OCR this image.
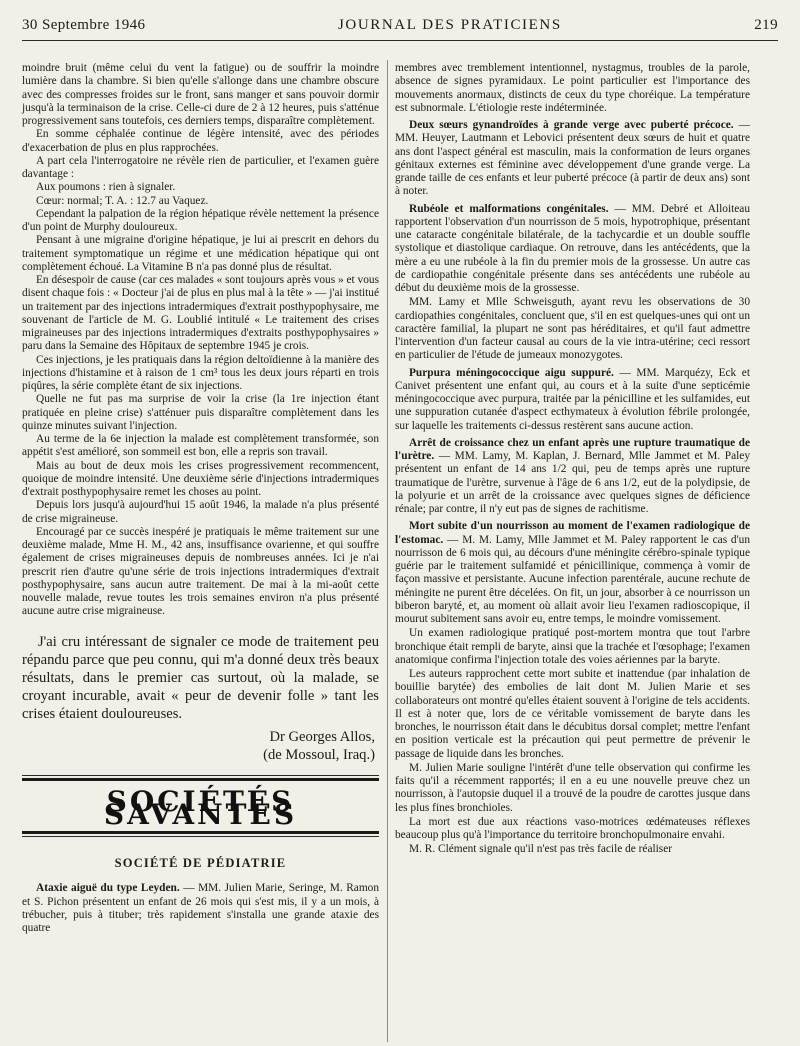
30 Septembre 1946	JOURNAL DES PRATICIENS	219

moindre bruit (même celui du vent la fatigue) ou de souffrir la moindre lumière dans la chambre. Si bien qu'elle s'allonge dans une chambre obscure avec des compresses froides sur le front, sans manger et sans pouvoir dormir jusqu'à la terminaison de la crise. Celle-ci dure de 2 à 12 heures, puis s'atténue progressivement sans toutefois, ces derniers temps, disparaître complètement.

En somme céphalée continue de légère intensité, avec des périodes d'exacerbation de plus en plus rapprochées.

A part cela l'interrogatoire ne révèle rien de particulier, et l'examen guère davantage :

Aux poumons : rien à signaler.

Cœur: normal; T. A. : 12.7 au Vaquez.

Cependant la palpation de la région hépatique révèle nettement la présence d'un point de Murphy douloureux.

Pensant à une migraine d'origine hépatique, je lui ai prescrit en dehors du traitement symptomatique un régime et une médication hépatique qui ont complètement échoué. La Vitamine B n'a pas donné plus de résultat.

En désespoir de cause (car ces malades « sont toujours après vous » et vous disent chaque fois : « Docteur j'ai de plus en plus mal à la tête » — j'ai institué un traitement par des injections intradermiques d'extrait posthypophysaire, me souvenant de l'article de M. G. Loublié intitulé « Le traitement des crises migraineuses par des injections intradermiques d'extraits posthypophysaires » paru dans la Semaine des Hôpitaux de septembre 1945 je crois.

Ces injections, je les pratiquais dans la région deltoïdienne à la manière des injections d'histamine et à raison de 1 cm³ tous les deux jours réparti en trois piqûres, la série complète étant de six injections.

Quelle ne fut pas ma surprise de voir la crise (la 1re injection étant pratiquée en pleine crise) s'atténuer puis disparaître complètement dans les quinze minutes suivant l'injection.

Au terme de la 6e injection la malade est complètement transformée, son appétit s'est amélioré, son sommeil est bon, elle a repris son travail.

Mais au bout de deux mois les crises progressivement recommencent, quoique de moindre intensité. Une deuxième série d'injections intradermiques d'extrait posthypophysaire remet les choses au point.

Depuis lors jusqu'à aujourd'hui 15 août 1946, la malade n'a plus présenté de crise migraineuse.

Encouragé par ce succès inespéré je pratiquais le même traitement sur une deuxième malade, Mme H. M., 42 ans, insuffisance ovarienne, et qui souffre également de crises migraineuses depuis de nombreuses années. Ici je n'ai prescrit rien d'autre qu'une série de trois injections intradermiques d'extrait posthypophysaire, sans aucun autre traitement. De mai à la mi-août cette nouvelle malade, revue toutes les trois semaines environ n'a plus présenté aucune autre crise migraineuse.

J'ai cru intéressant de signaler ce mode de traitement peu répandu parce que peu connu, qui m'a donné deux très beaux résultats, dans le premier cas surtout, où la malade, se croyant incurable, avait « peur de devenir folle » tant les crises étaient douloureuses.

Dr Georges Allos,
(de Mossoul, Iraq.)
SOCIÉTÉS SAVANTES
SOCIÉTÉ DE PÉDIATRIE

Ataxie aiguë du type Leyden. — MM. Julien Marie, Seringe, M. Ramon et S. Pichon présentent un enfant de 26 mois qui s'est mis, il y a un mois, à trébucher, puis à tituber; très rapidement s'installa une grande ataxie des quatre

membres avec tremblement intentionnel, nystagmus, troubles de la parole, absence de signes pyramidaux. Le point particulier est l'importance des mouvements anormaux, distincts de ceux du type choréique. La température est subnormale. L'étiologie reste indéterminée.

Deux sœurs gynandroïdes à grande verge avec puberté précoce. — MM. Heuyer, Lautmann et Lebovici présentent deux sœurs de huit et quatre ans dont l'aspect général est masculin, mais la conformation de leurs organes génitaux externes est féminine avec développement d'une grande verge. La grande taille de ces enfants et leur puberté précoce (à partir de deux ans) sont à noter.

Rubéole et malformations congénitales. — MM. Debré et Alloiteau rapportent l'observation d'un nourrisson de 5 mois, hypotrophique, présentant une cataracte congénitale bilatérale, de la tachycardie et un double souffle systolique et diastolique cardiaque. On retrouve, dans les antécédents, que la mère a eu une rubéole à la fin du premier mois de la grossesse. Un autre cas de cardiopathie congénitale présente dans ses antécédents une rubéole au début du deuxième mois de la grossesse.

MM. Lamy et Mlle Schweisguth, ayant revu les observations de 30 cardiopathies congénitales, concluent que, s'il en est quelques-unes qui ont un caractère familial, la plupart ne sont pas héréditaires, et qu'il faut admettre l'intervention d'un facteur causal au cours de la vie intra-utérine; ceci ressort en particulier de l'étude de jumeaux monozygotes.

Purpura méningococcique aigu suppuré. — MM. Marquézy, Eck et Canivet présentent une enfant qui, au cours et à la suite d'une septicémie méningococcique avec purpura, traitée par la pénicilline et les sulfamides, eut une suppuration cutanée d'aspect ecthymateux à évolution fébrile prolongée, sur laquelle les traitements ci-dessus restèrent sans aucune action.

Arrêt de croissance chez un enfant après une rupture traumatique de l'urètre. — MM. Lamy, M. Kaplan, J. Bernard, Mlle Jammet et M. Paley présentent un enfant de 14 ans 1/2 qui, peu de temps après une rupture traumatique de l'urètre, survenue à l'âge de 6 ans 1/2, eut de la polydipsie, de la polyurie et un arrêt de la croissance avec quelques signes de déficience rénale; par contre, il n'y eut pas de signes de rachitisme.

Mort subite d'un nourrisson au moment de l'examen radiologique de l'estomac. — M. M. Lamy, Mlle Jammet et M. Paley rapportent le cas d'un nourrisson de 6 mois qui, au décours d'une méningite cérébro-spinale typique guérie par le traitement sulfamidé et pénicillinique, commença à vomir de façon massive et persistante. Aucune infection parentérale, aucune rechute de méningite ne purent être décelées. On fit, un jour, absorber à ce nourrisson un biberon baryté, et, au moment où allait avoir lieu l'examen radioscopique, il mourut subitement sans avoir eu, entre temps, le moindre vomissement.

Un examen radiologique pratiqué post-mortem montra que tout l'arbre bronchique était rempli de baryte, ainsi que la trachée et l'œsophage; l'examen anatomique confirma l'injection totale des voies aériennes par la baryte.

Les auteurs rapprochent cette mort subite et inattendue (par inhalation de bouillie barytée) des embolies de lait dont M. Julien Marie et ses collaborateurs ont montré qu'elles étaient souvent à l'origine de tels accidents. Il est à noter que, lors de ce véritable vomissement de baryte dans les bronches, le nourrisson était dans le décubitus dorsal complet; mettre l'enfant en position verticale est la précaution qui peut permettre de prévenir le passage de liquide dans les bronches.

M. Julien Marie souligne l'intérêt d'une telle observation qui confirme les faits qu'il a récemment rapportés; il en a eu une nouvelle preuve chez un nourrisson, à l'autopsie duquel il a trouvé de la poudre de carottes jusque dans les plus fines bronchioles.

La mort est due aux réactions vaso-motrices œdémateuses réflexes beaucoup plus qu'à l'importance du territoire bronchopulmonaire envahi.

M. R. Clément signale qu'il n'est pas très facile de réaliser
